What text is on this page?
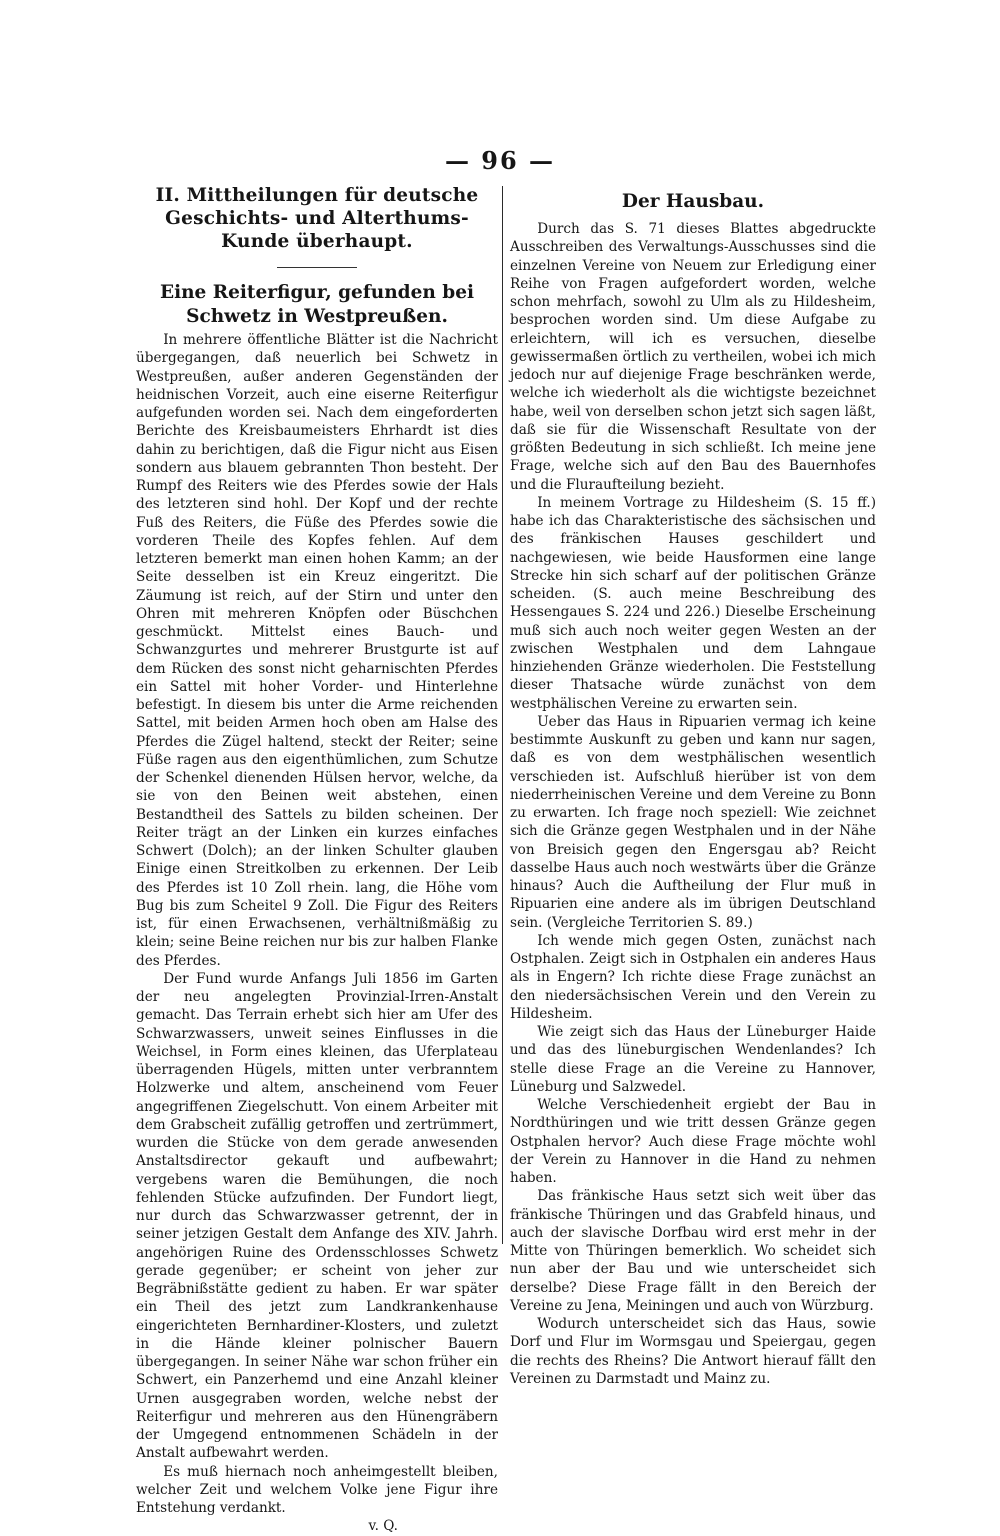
— 96 —
II. Mittheilungen für deutsche Geschichts- und Alterthums-Kunde überhaupt.
Eine Reiterfigur, gefunden bei Schwetz in Westpreußen.

In mehrere öffentliche Blätter ist die Nachricht übergegangen, daß neuerlich bei Schwetz in Westpreußen, außer anderen Gegenständen der heidnischen Vorzeit, auch eine eiserne Reiterfigur aufgefunden worden sei. Nach dem eingeforderten Berichte des Kreisbaumeisters Ehrhardt ist dies dahin zu berichtigen, daß die Figur nicht aus Eisen sondern aus blauem gebrannten Thon besteht. Der Rumpf des Reiters wie des Pferdes sowie der Hals des letzteren sind hohl. Der Kopf und der rechte Fuß des Reiters, die Füße des Pferdes sowie die vorderen Theile des Kopfes fehlen. Auf dem letzteren bemerkt man einen hohen Kamm; an der Seite desselben ist ein Kreuz eingeritzt. Die Zäumung ist reich, auf der Stirn und unter den Ohren mit mehreren Knöpfen oder Büschchen geschmückt. Mittelst eines Bauch- und Schwanzgurtes und mehrerer Brustgurte ist auf dem Rücken des sonst nicht geharnischten Pferdes ein Sattel mit hoher Vorder- und Hinterlehne befestigt. In diesem bis unter die Arme reichenden Sattel, mit beiden Armen hoch oben am Halse des Pferdes die Zügel haltend, steckt der Reiter; seine Füße ragen aus den eigenthümlichen, zum Schutze der Schenkel dienenden Hülsen hervor, welche, da sie von den Beinen weit abstehen, einen Bestandtheil des Sattels zu bilden scheinen. Der Reiter trägt an der Linken ein kurzes einfaches Schwert (Dolch); an der linken Schulter glauben Einige einen Streitkolben zu erkennen. Der Leib des Pferdes ist 10 Zoll rhein. lang, die Höhe vom Bug bis zum Scheitel 9 Zoll. Die Figur des Reiters ist, für einen Erwachsenen, verhältnißmäßig zu klein; seine Beine reichen nur bis zur halben Flanke des Pferdes.

Der Fund wurde Anfangs Juli 1856 im Garten der neu angelegten Provinzial-Irren-Anstalt gemacht. Das Terrain erhebt sich hier am Ufer des Schwarzwassers, unweit seines Einflusses in die Weichsel, in Form eines kleinen, das Uferplateau überragenden Hügels, mitten unter verbranntem Holzwerke und altem, anscheinend vom Feuer angegriffenen Ziegelschutt. Von einem Arbeiter mit dem Grabscheit zufällig getroffen und zertrümmert, wurden die Stücke von dem gerade anwesenden Anstaltsdirector gekauft und aufbewahrt; vergebens waren die Bemühungen, die noch fehlenden Stücke aufzufinden. Der Fundort liegt, nur durch das Schwarzwasser getrennt, der in seiner jetzigen Gestalt dem Anfange des XIV. Jahrh. angehörigen Ruine des Ordensschlosses Schwetz gerade gegenüber; er scheint von jeher zur Begräbnißstätte gedient zu haben. Er war später ein Theil des jetzt zum Landkrankenhause eingerichteten Bernhardiner-Klosters, und zuletzt in die Hände kleiner polnischer Bauern übergegangen. In seiner Nähe war schon früher ein Schwert, ein Panzerhemd und eine Anzahl kleiner Urnen ausgegraben worden, welche nebst der Reiterfigur und mehreren aus den Hünengräbern der Umgegend entnommenen Schädeln in der Anstalt aufbewahrt werden.

Es muß hiernach noch anheimgestellt bleiben, welcher Zeit und welchem Volke jene Figur ihre Entstehung verdankt.

v. Q.

Der Hausbau.

Durch das S. 71 dieses Blattes abgedruckte Ausschreiben des Verwaltungs-Ausschusses sind die einzelnen Vereine von Neuem zur Erledigung einer Reihe von Fragen aufgefordert worden, welche schon mehrfach, sowohl zu Ulm als zu Hildesheim, besprochen worden sind. Um diese Aufgabe zu erleichtern, will ich es versuchen, dieselbe gewissermaßen örtlich zu vertheilen, wobei ich mich jedoch nur auf diejenige Frage beschränken werde, welche ich wiederholt als die wichtigste bezeichnet habe, weil von derselben schon jetzt sich sagen läßt, daß sie für die Wissenschaft Resultate von der größten Bedeutung in sich schließt. Ich meine jene Frage, welche sich auf den Bau des Bauernhofes und die Fluraufteilung bezieht.

In meinem Vortrage zu Hildesheim (S. 15 ff.) habe ich das Charakteristische des sächsischen und des fränkischen Hauses geschildert und nachgewiesen, wie beide Hausformen eine lange Strecke hin sich scharf auf der politischen Gränze scheiden. (S. auch meine Beschreibung des Hessengaues S. 224 und 226.) Dieselbe Erscheinung muß sich auch noch weiter gegen Westen an der zwischen Westphalen und dem Lahngaue hinziehenden Gränze wiederholen. Die Feststellung dieser Thatsache würde zunächst von dem westphälischen Vereine zu erwarten sein.

Ueber das Haus in Ripuarien vermag ich keine bestimmte Auskunft zu geben und kann nur sagen, daß es von dem westphälischen wesentlich verschieden ist. Aufschluß hierüber ist von dem niederrheinischen Vereine und dem Vereine zu Bonn zu erwarten. Ich frage noch speziell: Wie zeichnet sich die Gränze gegen Westphalen und in der Nähe von Breisich gegen den Engersgau ab? Reicht dasselbe Haus auch noch westwärts über die Gränze hinaus? Auch die Auftheilung der Flur muß in Ripuarien eine andere als im übrigen Deutschland sein. (Vergleiche Territorien S. 89.)

Ich wende mich gegen Osten, zunächst nach Ostphalen. Zeigt sich in Ostphalen ein anderes Haus als in Engern? Ich richte diese Frage zunächst an den niedersächsischen Verein und den Verein zu Hildesheim.

Wie zeigt sich das Haus der Lüneburger Haide und das des lüneburgischen Wendenlandes? Ich stelle diese Frage an die Vereine zu Hannover, Lüneburg und Salzwedel.

Welche Verschiedenheit ergiebt der Bau in Nordthüringen und wie tritt dessen Gränze gegen Ostphalen hervor? Auch diese Frage möchte wohl der Verein zu Hannover in die Hand zu nehmen haben.

Das fränkische Haus setzt sich weit über das fränkische Thüringen und das Grabfeld hinaus, und auch der slavische Dorfbau wird erst mehr in der Mitte von Thüringen bemerklich. Wo scheidet sich nun aber der Bau und wie unterscheidet sich derselbe? Diese Frage fällt in den Bereich der Vereine zu Jena, Meiningen und auch von Würzburg.

Wodurch unterscheidet sich das Haus, sowie Dorf und Flur im Wormsgau und Speiergau, gegen die rechts des Rheins? Die Antwort hierauf fällt den Vereinen zu Darmstadt und Mainz zu.
